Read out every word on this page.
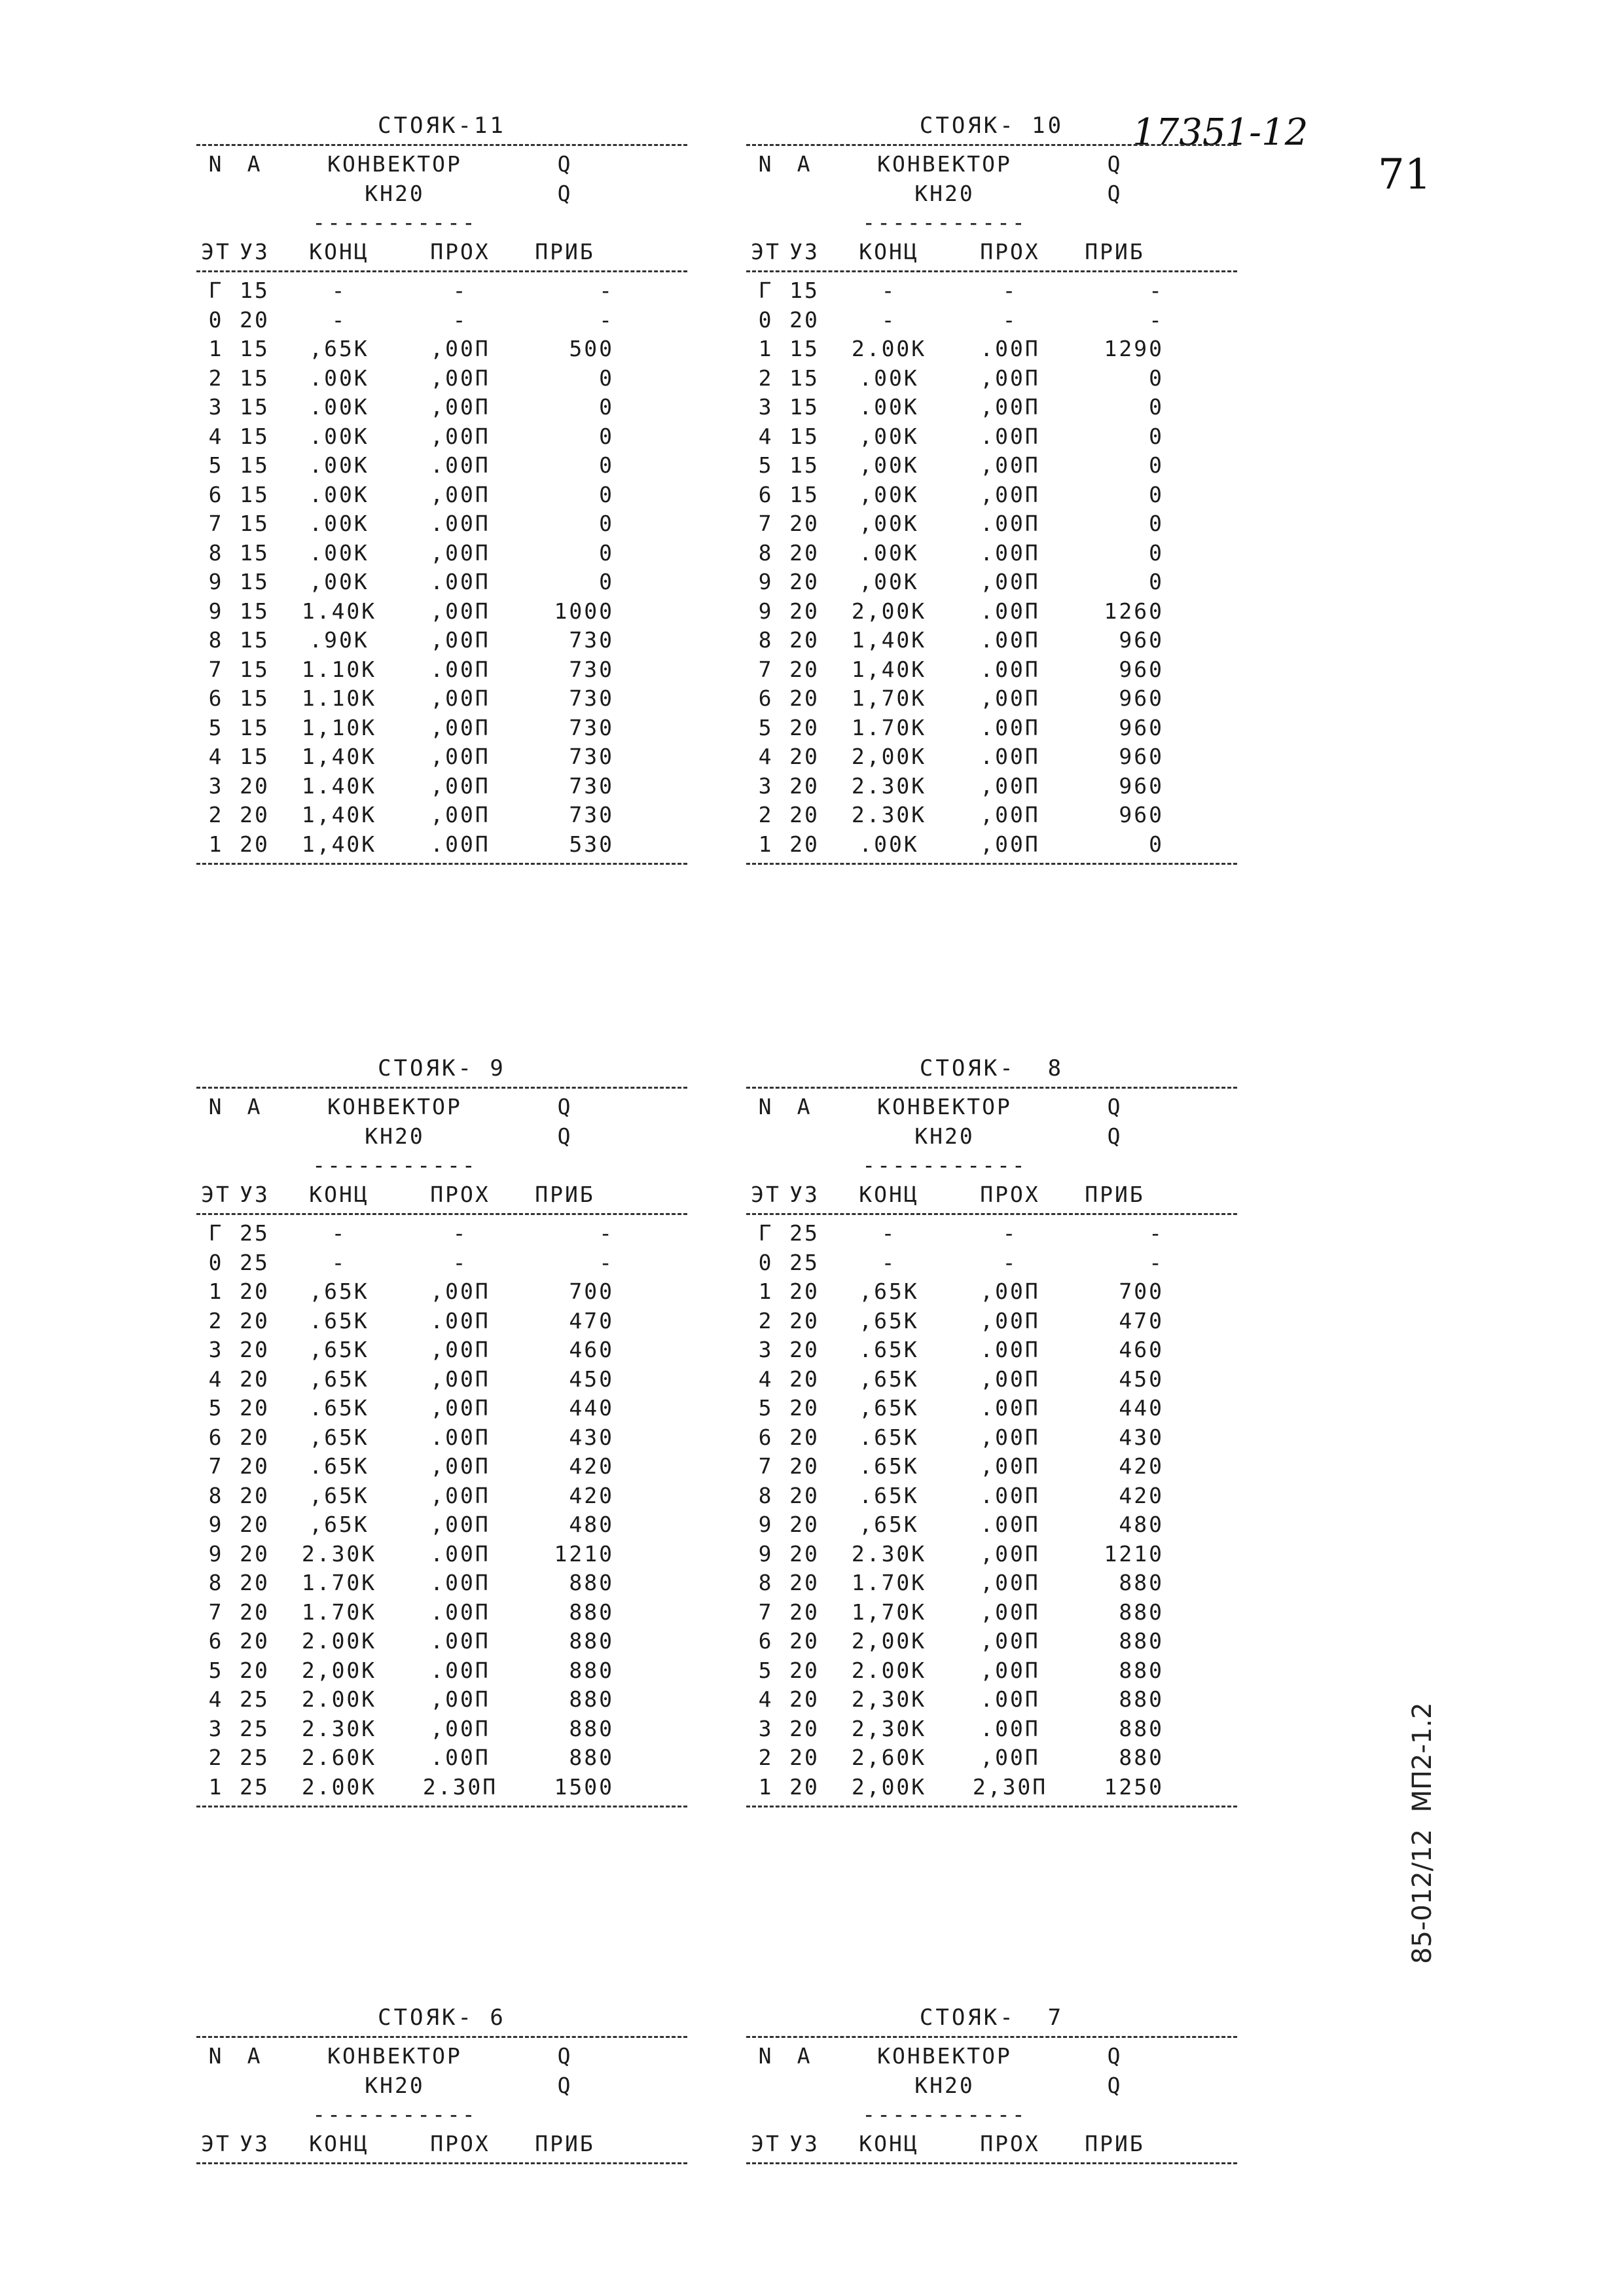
17351-12
71
85-012/12  МП2-1.2
СТОЯК-11
N	А	КОНВЕКТОР	Q
КН20	Q
-----------
ЭТ УЗ	КОНЦ	ПРОХ	ПРИБ
Г 15	-	-	-
0 20	-	-	-
1 15	,65К	,00П	500
2 15	.00К	,00П	0
3 15	.00К	,00П	0
4 15	.00К	,00П	0
5 15	.00К	.00П	0
6 15	.00К	,00П	0
7 15	.00К	.00П	0
8 15	.00К	,00П	0
9 15	,00К	.00П	0
9 15	1.40К	,00П	1000
8 15	.90К	,00П	730
7 15	1.10К	.00П	730
6 15	1.10К	,00П	730
5 15	1,10К	,00П	730
4 15	1,40К	,00П	730
3 20	1.40К	,00П	730
2 20	1,40К	,00П	730
1 20	1,40К	.00П	530
СТОЯК- 10
N	А	КОНВЕКТОР	Q
КН20	Q
-----------
ЭТ УЗ	КОНЦ	ПРОХ	ПРИБ
Г 15	-	-	-
0 20	-	-	-
1 15	2.00К	.00П	1290
2 15	.00К	,00П	0
3 15	.00К	,00П	0
4 15	,00К	.00П	0
5 15	,00К	,00П	0
6 15	,00К	,00П	0
7 20	,00К	.00П	0
8 20	.00К	.00П	0
9 20	,00К	,00П	0
9 20	2,00К	.00П	1260
8 20	1,40К	.00П	960
7 20	1,40К	.00П	960
6 20	1,70К	,00П	960
5 20	1.70К	.00П	960
4 20	2,00К	.00П	960
3 20	2.30К	,00П	960
2 20	2.30К	,00П	960
1 20	.00К	,00П	0
СТОЯК- 9
N	А	КОНВЕКТОР	Q
КН20	Q
-----------
ЭТ УЗ	КОНЦ	ПРОХ	ПРИБ
Г 25	-	-	-
0 25	-	-	-
1 20	,65К	,00П	700
2 20	.65К	.00П	470
3 20	,65К	,00П	460
4 20	,65К	,00П	450
5 20	.65К	,00П	440
6 20	,65К	.00П	430
7 20	.65К	,00П	420
8 20	,65К	,00П	420
9 20	,65К	,00П	480
9 20	2.30К	.00П	1210
8 20	1.70К	.00П	880
7 20	1.70К	.00П	880
6 20	2.00К	.00П	880
5 20	2,00К	.00П	880
4 25	2.00К	,00П	880
3 25	2.30К	,00П	880
2 25	2.60К	.00П	880
1 25	2.00К	2.30П	1500
СТОЯК-  8
N	А	КОНВЕКТОР	Q
КН20	Q
-----------
ЭТ УЗ	КОНЦ	ПРОХ	ПРИБ
Г 25	-	-	-
0 25	-	-	-
1 20	,65К	,00П	700
2 20	,65К	,00П	470
3 20	.65К	.00П	460
4 20	,65К	,00П	450
5 20	,65К	.00П	440
6 20	.65К	,00П	430
7 20	.65К	,00П	420
8 20	.65К	.00П	420
9 20	,65К	.00П	480
9 20	2.30К	,00П	1210
8 20	1.70К	,00П	880
7 20	1,70К	,00П	880
6 20	2,00К	,00П	880
5 20	2.00К	,00П	880
4 20	2,30К	.00П	880
3 20	2,30К	.00П	880
2 20	2,60К	,00П	880
1 20	2,00К	2,30П	1250
СТОЯК- 6
N	А	КОНВЕКТОР	Q
КН20	Q
-----------
ЭТ УЗ	КОНЦ	ПРОХ	ПРИБ
СТОЯК-  7
N	А	КОНВЕКТОР	Q
КН20	Q
-----------
ЭТ УЗ	КОНЦ	ПРОХ	ПРИБ
